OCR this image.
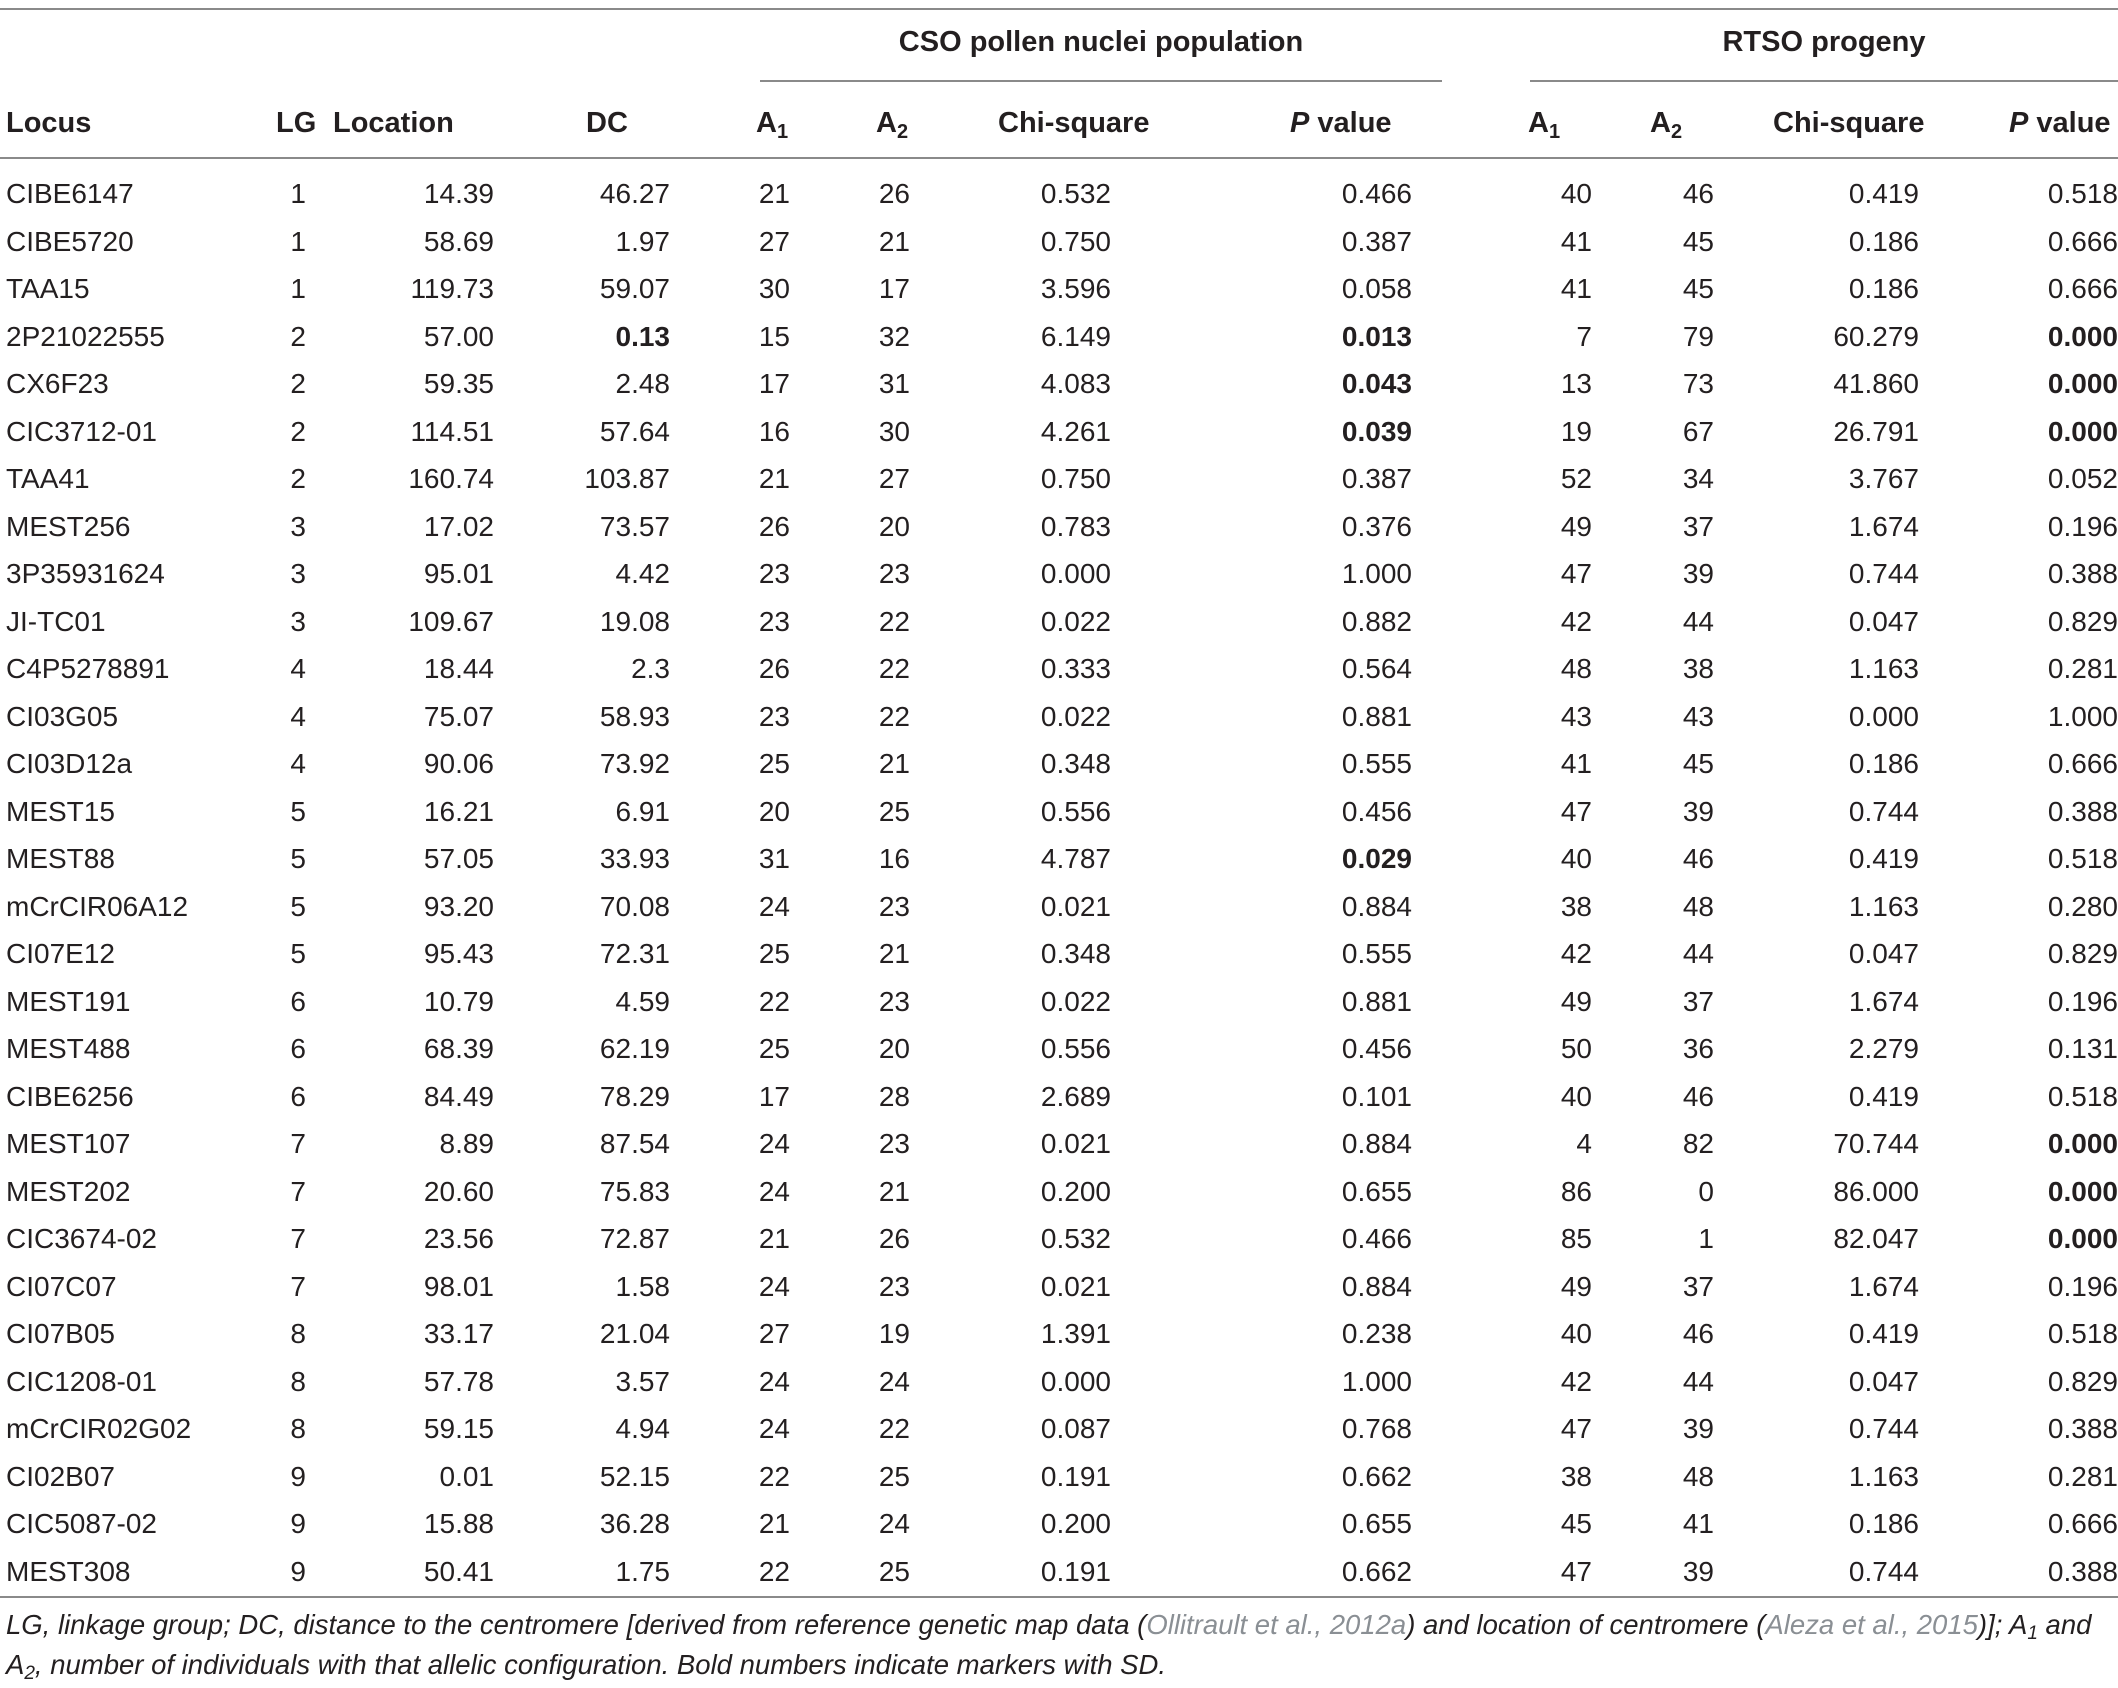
CSO pollen nuclei population	RTSO progeny
Locus	LG Location	DC	$A_1$	$A_2$	Chi-square	P value	$A_1$	$A_2$	Chi-square	P value
CIBE6147	1	14.39	46.27	21	26	0.532	0.466	40	46	0.419	0.518
CIBE5720	1	58.69	1.97	27	21	0.750	0.387	41	45	0.186	0.666
TAA15	1	119.73	59.07	30	17	3.596	0.058	41	45	0.186	0.666
2P21022555	2	57.00	0.13	15	32	6.149	0.013	7	79	60.279	0.000
CX6F23	2	59.35	2.48	17	31	4.083	0.043	13	73	41.860	0.000
CIC3712-01	2	114.51	57.64	16	30	4.261	0.039	19	67	26.791	0.000
TAA41	2	160.74	103.87	21	27	0.750	0.387	52	34	3.767	0.052
MEST256	3	17.02	73.57	26	20	0.783	0.376	49	37	1.674	0.196
3P35931624	3	95.01	4.42	23	23	0.000	1.000	47	39	0.744	0.388
JI-TC01	3	109.67	19.08	23	22	0.022	0.882	42	44	0.047	0.829
C4P5278891	4	18.44	2.3	26	22	0.333	0.564	48	38	1.163	0.281
CI03G05	4	75.07	58.93	23	22	0.022	0.881	43	43	0.000	1.000
CI03D12a	4	90.06	73.92	25	21	0.348	0.555	41	45	0.186	0.666
MEST15	5	16.21	6.91	20	25	0.556	0.456	47	39	0.744	0.388
MEST88	5	57.05	33.93	31	16	4.787	0.029	40	46	0.419	0.518
mCrCIR06A12	5	93.20	70.08	24	23	0.021	0.884	38	48	1.163	0.280
CI07E12	5	95.43	72.31	25	21	0.348	0.555	42	44	0.047	0.829
MEST191	6	10.79	4.59	22	23	0.022	0.881	49	37	1.674	0.196
MEST488	6	68.39	62.19	25	20	0.556	0.456	50	36	2.279	0.131
CIBE6256	6	84.49	78.29	17	28	2.689	0.101	40	46	0.419	0.518
MEST107	7	8.89	87.54	24	23	0.021	0.884	4	82	70.744	0.000
MEST202	7	20.60	75.83	24	21	0.200	0.655	86	0	86.000	0.000
CIC3674-02	7	23.56	72.87	21	26	0.532	0.466	85	1	82.047	0.000
CI07C07	7	98.01	1.58	24	23	0.021	0.884	49	37	1.674	0.196
CI07B05	8	33.17	21.04	27	19	1.391	0.238	40	46	0.419	0.518
CIC1208-01	8	57.78	3.57	24	24	0.000	1.000	42	44	0.047	0.829
mCrCIR02G02	8	59.15	4.94	24	22	0.087	0.768	47	39	0.744	0.388
CI02B07	9	0.01	52.15	22	25	0.191	0.662	38	48	1.163	0.281
CIC5087-02	9	15.88	36.28	21	24	0.200	0.655	45	41	0.186	0.666
MEST308	9	50.41	1.75	22	25	0.191	0.662	47	39	0.744	0.388
LG, linkage group; DC, distance to the centromere [derived from reference genetic map data (Ollitrault et al., 2012a) and location of centromere (Aleza et al., 2015)]; $A_1$ and $A_2$, number of individuals with that allelic configuration. Bold numbers indicate markers with SD.
